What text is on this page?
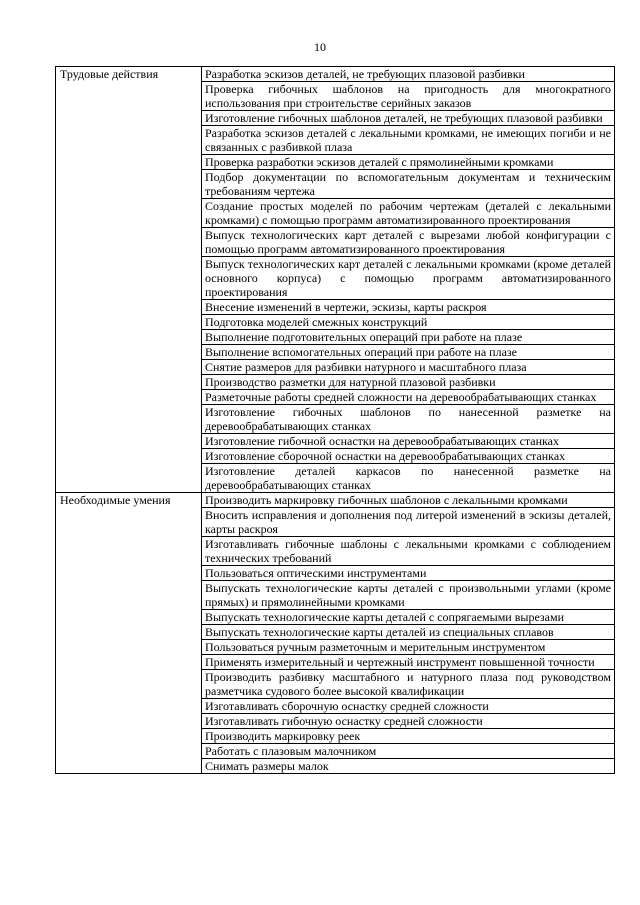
10
Трудовые действия	Разработка эскизов деталей, не требующих плазовой разбивки
	Проверка гибочных шаблонов на пригодность для многократного использования при строительстве серийных заказов
	Изготовление гибочных шаблонов деталей, не требующих плазовой разбивки
	Разработка эскизов деталей с лекальными кромками, не имеющих погиби и не связанных с разбивкой плаза
	Проверка разработки эскизов деталей с прямолинейными кромками
	Подбор документации по вспомогательным документам и техническим требованиям чертежа
	Создание простых моделей по рабочим чертежам (деталей с лекальными кромками) с помощью программ автоматизированного проектирования
	Выпуск технологических карт деталей с вырезами любой конфигурации с помощью программ автоматизированного проектирования
	Выпуск технологических карт деталей с лекальными кромками (кроме деталей основного корпуса) с помощью программ автоматизированного проектирования
	Внесение изменений в чертежи, эскизы, карты раскроя
	Подготовка моделей смежных конструкций
	Выполнение подготовительных операций при работе на плазе
	Выполнение вспомогательных операций при работе на плазе
	Снятие размеров для разбивки натурного и масштабного плаза
	Производство разметки для натурной плазовой разбивки
	Разметочные работы средней сложности на деревообрабатывающих станках
	Изготовление гибочных шаблонов по нанесенной разметке на деревообрабатывающих станках
	Изготовление гибочной оснастки на деревообрабатывающих станках
	Изготовление сборочной оснастки на деревообрабатывающих станках
	Изготовление деталей каркасов по нанесенной разметке на деревообрабатывающих станках
Необходимые умения	Производить маркировку гибочных шаблонов с лекальными кромками
	Вносить исправления и дополнения под литерой изменений в эскизы деталей, карты раскроя
	Изготавливать гибочные шаблоны с лекальными кромками с соблюдением технических требований
	Пользоваться оптическими инструментами
	Выпускать технологические карты деталей с произвольными углами (кроме прямых) и прямолинейными кромками
	Выпускать технологические карты деталей с сопрягаемыми вырезами
	Выпускать технологические карты деталей из специальных сплавов
	Пользоваться ручным разметочным и мерительным инструментом
	Применять измерительный и чертежный инструмент повышенной точности
	Производить разбивку масштабного и натурного плаза под руководством разметчика судового более высокой квалификации
	Изготавливать сборочную оснастку средней сложности
	Изготавливать гибочную оснастку средней сложности
	Производить маркировку реек
	Работать с плазовым малочником
	Снимать размеры малок
